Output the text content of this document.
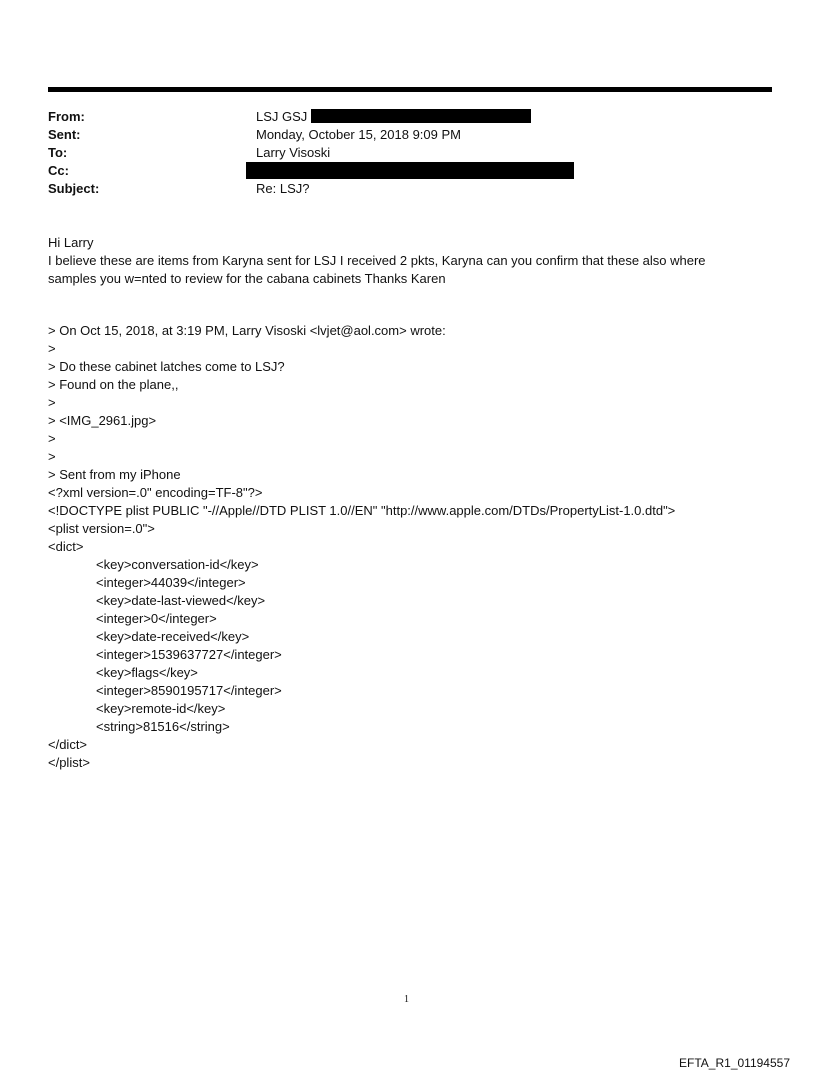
From:	LSJ GSJ
Sent:	Monday, October 15, 2018 9:09 PM
To:	Larry Visoski
Cc:
Subject:	Re: LSJ?
Hi Larry
I believe these are items from Karyna sent for LSJ I received 2 pkts, Karyna can you confirm that these also where
samples you w=nted to review for the cabana cabinets Thanks Karen
> On Oct 15, 2018, at 3:19 PM, Larry Visoski <lvjet@aol.com> wrote:
>
> Do these cabinet latches come to LSJ?
> Found on the plane,,
>
> <IMG_2961.jpg>
>
>
> Sent from my iPhone
<?xml version=.0" encoding=TF-8"?>
<!DOCTYPE plist PUBLIC "-//Apple//DTD PLIST 1.0//EN" "http://www.apple.com/DTDs/PropertyList-1.0.dtd">
<plist version=.0">
<dict>
<key>conversation-id</key>
<integer>44039</integer>
<key>date-last-viewed</key>
<integer>0</integer>
<key>date-received</key>
<integer>1539637727</integer>
<key>flags</key>
<integer>8590195717</integer>
<key>remote-id</key>
<string>81516</string>
</dict>
</plist>
1
EFTA_R1_01194557
